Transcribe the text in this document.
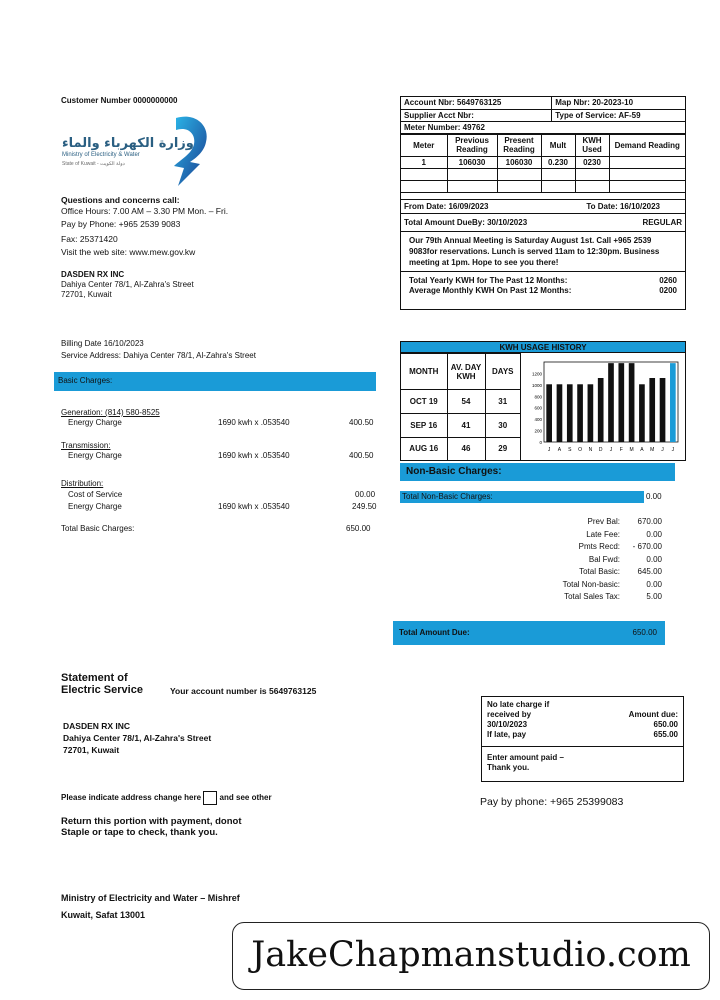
Customer Number 0000000000
وزارة الكهرباء والماء
Ministry of Electricity & Water
State of Kuwait - دولة الكويت
Questions and concerns call:
Office Hours: 7.00 AM – 3.30 PM Mon. – Fri.
Pay by Phone: +965 2539 9083
Fax: 25371420
Visit the web site: www.mew.gov.kw
DASDEN RX INC
Dahiya Center 78/1, Al-Zahra's Street
72701, Kuwait
Billing Date 16/10/2023
Service Address: Dahiya Center 78/1, Al-Zahra's Street
Account Nbr: 5649763125	Map Nbr: 20-2023-10
Supplier Acct Nbr:	Type of Service: AF-59
Meter Number: 49762	
Meter	Previous Reading	Present Reading	Mult	KWH Used	Demand Reading
1	106030	106030	0.230	0230	

From Date: 16/09/2023	To Date: 16/10/2023

Total Amount DueBy: 30/10/2023	REGULAR
Our 79th Annual Meeting is Saturday August 1st. Call +965 2539 9083for reservations. Lunch is served 11am to 12:30pm. Business meeting at 1pm. Hope to see you there!
Total Yearly KWH for The Past 12 Months:	0260
Average Monthly KWH On Past 12 Months:	0200
Basic Charges:
Generation: (814) 580-8525
Energy Charge	1690 kwh x .053540	400.50
Transmission:
Energy Charge	1690 kwh x .053540	400.50
Distribution:
Cost of Service	00.00
Energy Charge	1690 kwh x .053540	249.50
Total Basic Charges:	650.00
KWH USAGE HISTORY
MONTH	AV. DAY KWH	DAYS
OCT 19	54	31
SEP 16	41	30
AUG 16	46	29
1200
1000
800
600
400
200
0
J A S O N D J F M A M J J
Non-Basic Charges:
Total Non-Basic Charges:	0.00
Prev Bal:	670.00
Late Fee:	0.00
Pmts Recd:	- 670.00
Bal Fwd:	0.00
Total Basic:	645.00
Total Non-basic:	0.00
Total Sales Tax:	5.00
Total Amount Due:	650.00
Statement of
Electric Service	Your account number is 5649763125
DASDEN RX INC
Dahiya Center 78/1, Al-Zahra's Street
72701, Kuwait
Please indicate address change here and see other
Return this portion with payment, donot
Staple or tape to check, thank you.
No late charge if
received by	Amount due:
30/10/2023	650.00
If late, pay	655.00
Enter amount paid –
Thank you.
Pay by phone: +965 25399083
Ministry of Electricity and Water – Mishref
Kuwait, Safat 13001
JakeChapmanstudio.com
